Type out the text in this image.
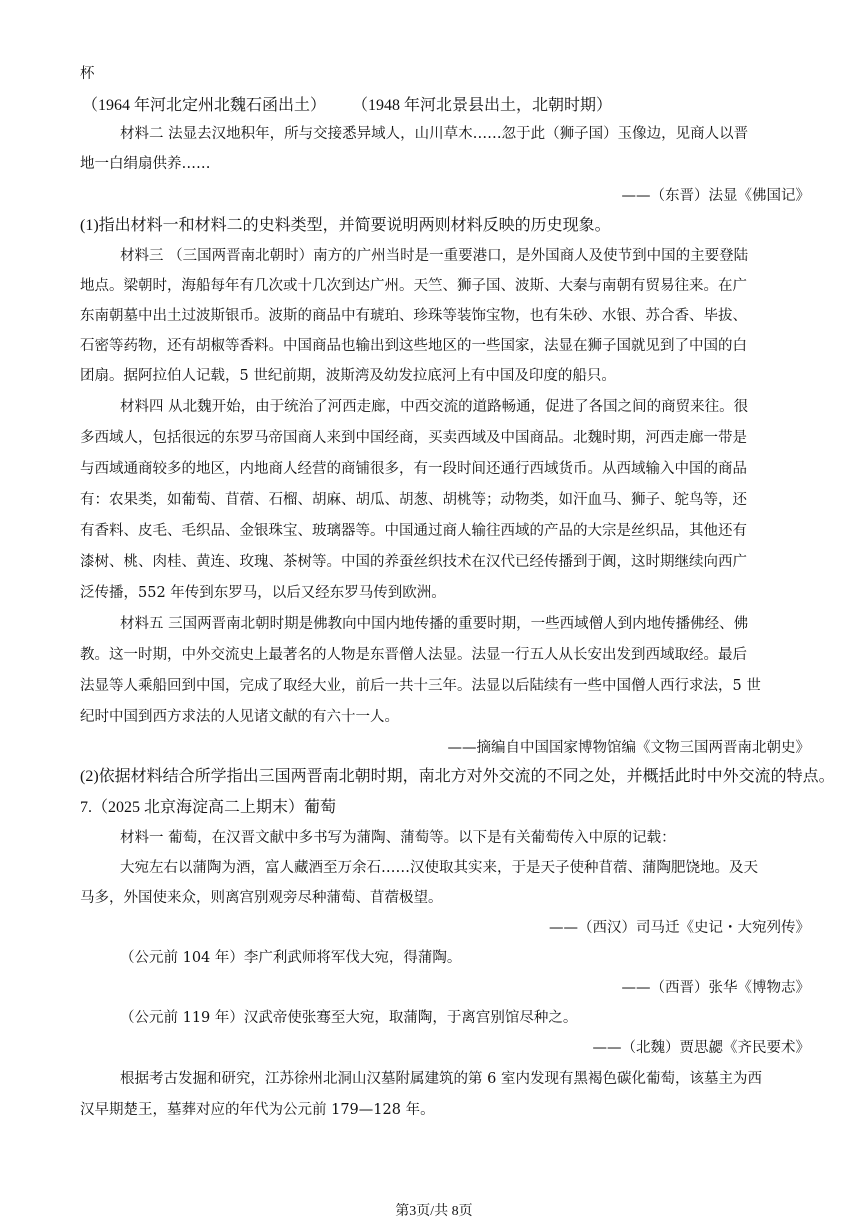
杯
（1964 年河北定州北魏石函出土） （1948 年河北景县出土，北朝时期）
材料二 法显去汉地积年，所与交接悉异域人，山川草木……忽于此（狮子国）玉像边，见商人以晋
地一白绢扇供养……
——（东晋）法显《佛国记》
(1)指出材料一和材料二的史料类型，并简要说明两则材料反映的历史现象。
材料三 （三国两晋南北朝时）南方的广州当时是一重要港口，是外国商人及使节到中国的主要登陆
地点。梁朝时，海船每年有几次或十几次到达广州。天竺、狮子国、波斯、大秦与南朝有贸易往来。在广
东南朝墓中出土过波斯银币。波斯的商品中有琥珀、珍珠等装饰宝物，也有朱砂、水银、苏合香、毕拔、
石密等药物，还有胡椒等香料。中国商品也输出到这些地区的一些国家，法显在狮子国就见到了中国的白
团扇。据阿拉伯人记载，5 世纪前期，波斯湾及幼发拉底河上有中国及印度的船只。
材料四 从北魏开始，由于统治了河西走廊，中西交流的道路畅通，促进了各国之间的商贸来往。很
多西域人，包括很远的东罗马帝国商人来到中国经商，买卖西域及中国商品。北魏时期，河西走廊一带是
与西域通商较多的地区，内地商人经营的商铺很多，有一段时间还通行西域货币。从西域输入中国的商品
有：农果类，如葡萄、苜蓿、石榴、胡麻、胡瓜、胡葱、胡桃等；动物类，如汗血马、狮子、鸵鸟等，还
有香料、皮毛、毛织品、金银珠宝、玻璃器等。中国通过商人输往西域的产品的大宗是丝织品，其他还有
漆树、桃、肉桂、黄连、玫瑰、茶树等。中国的养蚕丝织技术在汉代已经传播到于阗，这时期继续向西广
泛传播，552 年传到东罗马，以后又经东罗马传到欧洲。
材料五 三国两晋南北朝时期是佛教向中国内地传播的重要时期，一些西域僧人到内地传播佛经、佛
教。这一时期，中外交流史上最著名的人物是东晋僧人法显。法显一行五人从长安出发到西域取经。最后
法显等人乘船回到中国，完成了取经大业，前后一共十三年。法显以后陆续有一些中国僧人西行求法，5 世
纪时中国到西方求法的人见诸文献的有六十一人。
——摘编自中国国家博物馆编《文物三国两晋南北朝史》
(2)依据材料结合所学指出三国两晋南北朝时期，南北方对外交流的不同之处，并概括此时中外交流的特点。
7.（2025 北京海淀高二上期末）葡萄
材料一 葡萄，在汉晋文献中多书写为蒲陶、蒲萄等。以下是有关葡萄传入中原的记载：
大宛左右以蒲陶为酒，富人藏酒至万余石……汉使取其实来，于是天子使种苜蓿、蒲陶肥饶地。及天
马多，外国使来众，则离宫别观旁尽种蒲萄、苜蓿极望。
——（西汉）司马迁《史记・大宛列传》
（公元前 104 年）李广利武师将军伐大宛，得蒲陶。
——（西晋）张华《博物志》
（公元前 119 年）汉武帝使张骞至大宛，取蒲陶，于离宫别馆尽种之。
——（北魏）贾思勰《齐民要术》
根据考古发掘和研究，江苏徐州北洞山汉墓附属建筑的第 6 室内发现有黑褐色碳化葡萄，该墓主为西
汉早期楚王，墓葬对应的年代为公元前 179—128 年。
第3页/共 8页
